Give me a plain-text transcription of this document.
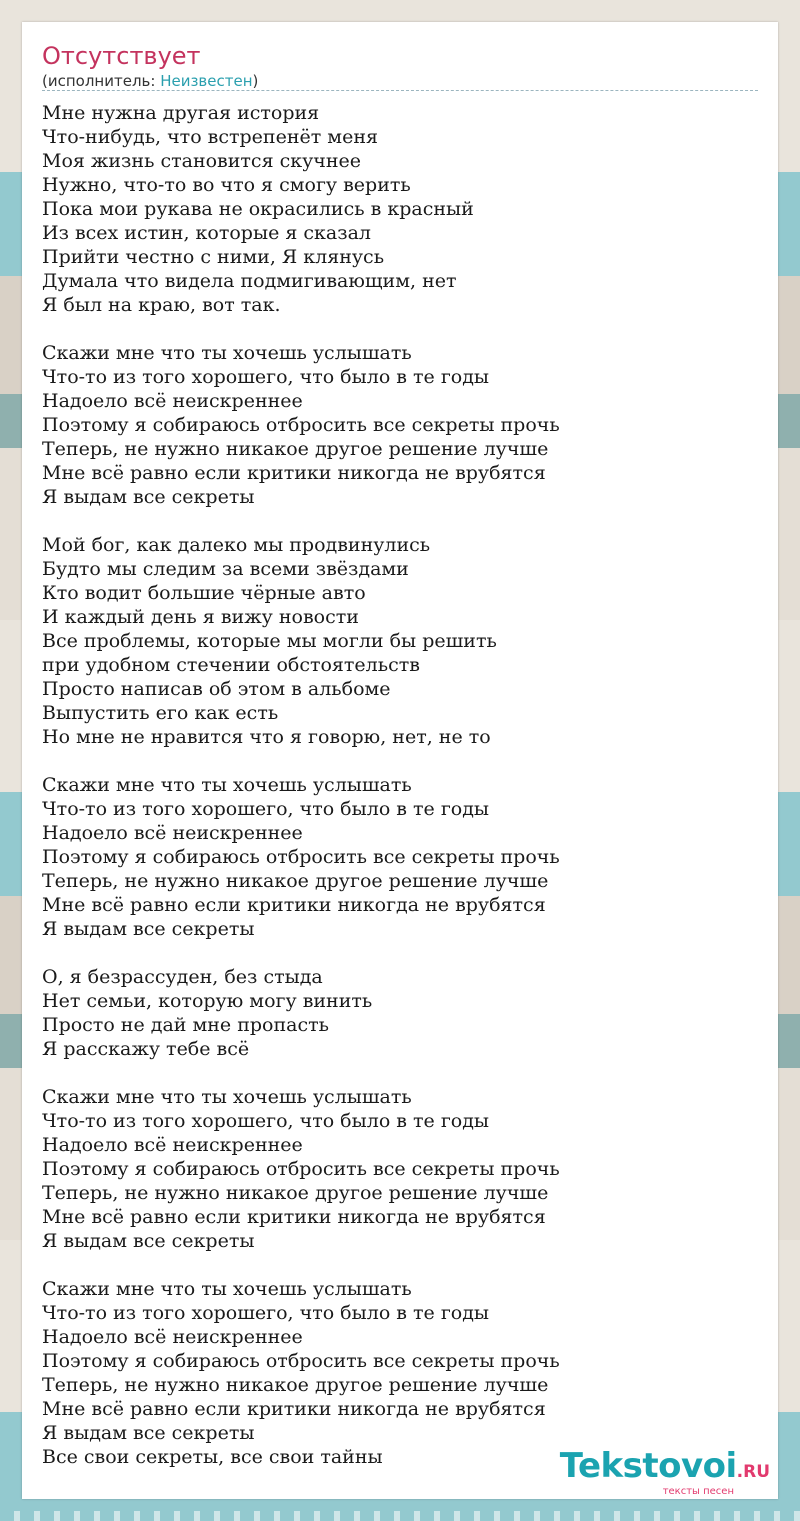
Отсутствует
(исполнитель: Неизвестен)
Мне нужна другая история
Что-нибудь, что встрепенёт меня
Моя жизнь становится скучнее
Нужно, что-то во что я смогу верить
Пока мои рукава не окрасились в красный
Из всех истин, которые я сказал
Прийти честно с ними, Я клянусь
Думала что видела подмигивающим, нет
Я был на краю, вот так.
Скажи мне что ты хочешь услышать
Что-то из того хорошего, что было в те годы
Надоело всё неискреннее
Поэтому я собираюсь отбросить все секреты прочь
Теперь, не нужно никакое другое решение лучше
Мне всё равно если критики никогда не врубятся
Я выдам все секреты
Мой бог, как далеко мы продвинулись
Будто мы следим за всеми звёздами
Кто водит большие чёрные авто
И каждый день я вижу новости
Все проблемы, которые мы могли бы решить
при удобном стечении обстоятельств
Просто написав об этом в альбоме
Выпустить его как есть
Но мне не нравится что я говорю, нет, не то
Скажи мне что ты хочешь услышать
Что-то из того хорошего, что было в те годы
Надоело всё неискреннее
Поэтому я собираюсь отбросить все секреты прочь
Теперь, не нужно никакое другое решение лучше
Мне всё равно если критики никогда не врубятся
Я выдам все секреты
О, я безрассуден, без стыда
Нет семьи, которую могу винить
Просто не дай мне пропасть
Я расскажу тебе всё
Скажи мне что ты хочешь услышать
Что-то из того хорошего, что было в те годы
Надоело всё неискреннее
Поэтому я собираюсь отбросить все секреты прочь
Теперь, не нужно никакое другое решение лучше
Мне всё равно если критики никогда не врубятся
Я выдам все секреты
Скажи мне что ты хочешь услышать
Что-то из того хорошего, что было в те годы
Надоело всё неискреннее
Поэтому я собираюсь отбросить все секреты прочь
Теперь, не нужно никакое другое решение лучше
Мне всё равно если критики никогда не врубятся
Я выдам все секреты
Все свои секреты, все свои тайны	Tekstovoi.RU
тексты песен
